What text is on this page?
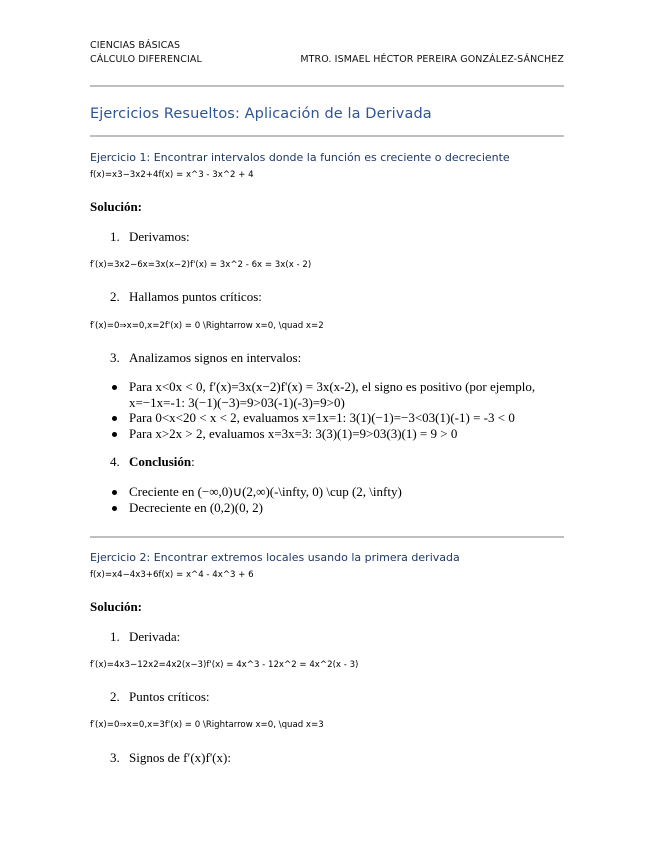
CIENCIAS BÁSICAS
CÁLCULO DIFERENCIAL	MTRO. ISMAEL HÉCTOR PEREIRA GONZÁLEZ-SÁNCHEZ
Ejercicios Resueltos: Aplicación de la Derivada
Ejercicio 1: Encontrar intervalos donde la función es creciente o decreciente
f(x)=x3−3x2+4f(x) = x^3 - 3x^2 + 4
Solución:
1. Derivamos:
f′(x)=3x2−6x=3x(x−2)f'(x) = 3x^2 - 6x = 3x(x - 2)
2. Hallamos puntos críticos:
f′(x)=0⇒x=0,x=2f'(x) = 0 \Rightarrow x=0, \quad x=2
3. Analizamos signos en intervalos:
Para x<0x < 0, f′(x)=3x(x−2)f'(x) = 3x(x-2), el signo es positivo (por ejemplo, x=−1x=-1: 3(−1)(−3)=9>03(-1)(-3)=9>0)
Para 0<x<20 < x < 2, evaluamos x=1x=1: 3(1)(−1)=−3<03(1)(-1) = -3 < 0
Para x>2x > 2, evaluamos x=3x=3: 3(3)(1)=9>03(3)(1) = 9 > 0
4. Conclusión:
Creciente en (−∞,0)∪(2,∞)(-\infty, 0) \cup (2, \infty)
Decreciente en (0,2)(0, 2)
Ejercicio 2: Encontrar extremos locales usando la primera derivada
f(x)=x4−4x3+6f(x) = x^4 - 4x^3 + 6
Solución:
1. Derivada:
f′(x)=4x3−12x2=4x2(x−3)f'(x) = 4x^3 - 12x^2 = 4x^2(x - 3)
2. Puntos críticos:
f′(x)=0⇒x=0,x=3f'(x) = 0 \Rightarrow x=0, \quad x=3
3. Signos de f′(x)f'(x):
